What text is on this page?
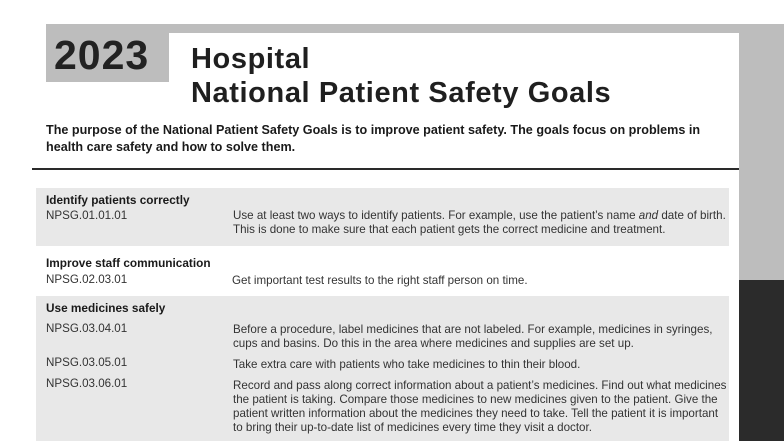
2023 Hospital
National Patient Safety Goals
The purpose of the National Patient Safety Goals is to improve patient safety. The goals focus on problems in health care safety and how to solve them.
Identify patients correctly
NPSG.01.01.01	Use at least two ways to identify patients. For example, use the patient’s name and date of birth. This is done to make sure that each patient gets the correct medicine and treatment.
Improve staff communication
NPSG.02.03.01	Get important test results to the right staff person on time.
Use medicines safely
NPSG.03.04.01	Before a procedure, label medicines that are not labeled. For example, medicines in syringes, cups and basins. Do this in the area where medicines and supplies are set up.
NPSG.03.05.01	Take extra care with patients who take medicines to thin their blood.
NPSG.03.06.01	Record and pass along correct information about a patient’s medicines. Find out what medicines the patient is taking. Compare those medicines to new medicines given to the patient. Give the patient written information about the medicines they need to take. Tell the patient it is important to bring their up-to-date list of medicines every time they visit a doctor.
